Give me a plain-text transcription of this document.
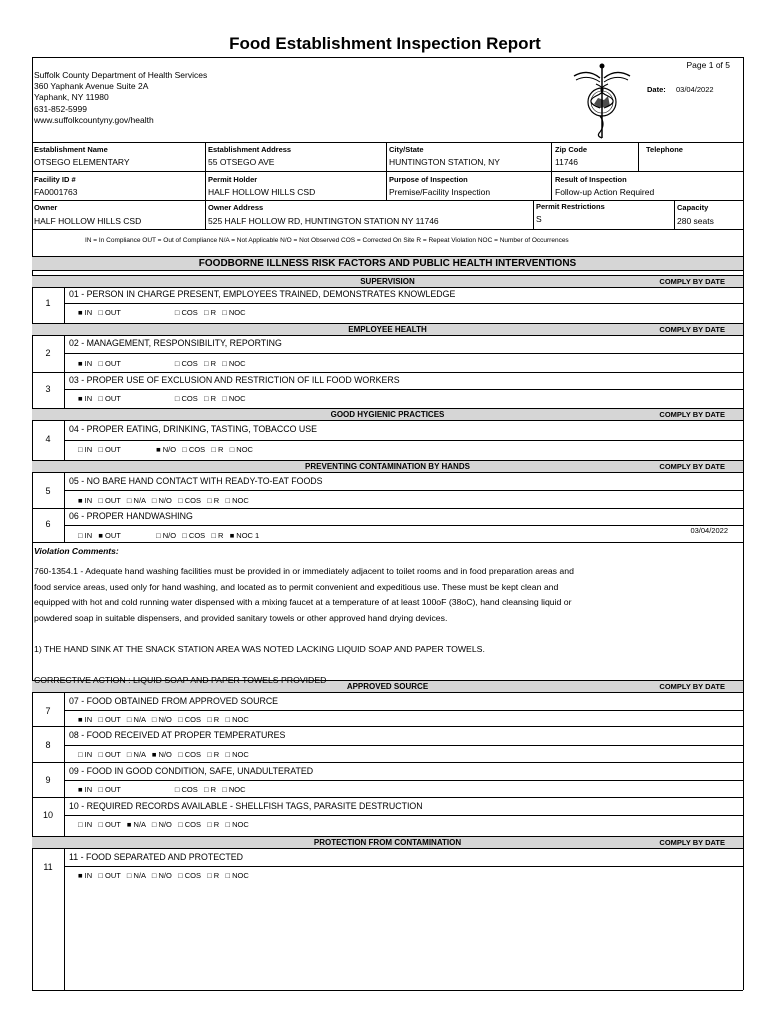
Food Establishment Inspection Report
Suffolk County Department of Health Services
360 Yaphank Avenue Suite 2A
Yaphank, NY 11980
631-852-5999
www.suffolkcountyny.gov/health
Page 1 of 5
Date: 03/04/2022
Establishment Name
OTSEGO ELEMENTARY
Establishment Address
55 OTSEGO AVE
City/State
HUNTINGTON STATION, NY
Zip Code
11746
Telephone
Facility ID #
FA0001763
Permit Holder
HALF HOLLOW HILLS CSD
Purpose of Inspection
Premise/Facility Inspection
Result of Inspection
Follow-up Action Required
Owner
HALF HOLLOW HILLS CSD
Owner Address
525 HALF HOLLOW RD, HUNTINGTON STATION NY 11746
Permit Restrictions
S
Capacity
280 seats
IN = In Compliance OUT = Out of Compliance N/A = Not Applicable N/O = Not Observed COS = Corrected On Site R = Repeat Violation NOC = Number of Occurrences
FOODBORNE ILLNESS RISK FACTORS AND PUBLIC HEALTH INTERVENTIONS
SUPERVISION	COMPLY BY DATE
EMPLOYEE HEALTH	COMPLY BY DATE
GOOD HYGIENIC PRACTICES	COMPLY BY DATE
PREVENTING CONTAMINATION BY HANDS	COMPLY BY DATE
APPROVED SOURCE	COMPLY BY DATE
PROTECTION FROM CONTAMINATION	COMPLY BY DATE
1
01 - PERSON IN CHARGE PRESENT, EMPLOYEES TRAINED, DEMONSTRATES KNOWLEDGE
■ IN   □ OUT                          □ COS   □ R   □ NOC
2
02 - MANAGEMENT, RESPONSIBILITY, REPORTING
■ IN   □ OUT                          □ COS   □ R   □ NOC
3
03 - PROPER USE OF EXCLUSION AND RESTRICTION OF ILL FOOD WORKERS
■ IN   □ OUT                          □ COS   □ R   □ NOC
4
04 - PROPER EATING, DRINKING, TASTING, TOBACCO USE
□ IN   □ OUT                 ■ N/O   □ COS   □ R   □ NOC
5
05 - NO BARE HAND CONTACT WITH READY-TO-EAT FOODS
■ IN   □ OUT   □ N/A   □ N/O   □ COS   □ R   □ NOC
6
06 - PROPER HANDWASHING
□ IN   ■ OUT                 □ N/O   □ COS   □ R   ■ NOC 1
03/04/2022
Violation Comments:
760-1354.1 - Adequate hand washing facilities must be provided in or immediately adjacent to toilet rooms and in food preparation areas and
food service areas, used only for hand washing, and located as to permit convenient and expeditious use. These must be kept clean and
equipped with hot and cold running water dispensed with a mixing faucet at a temperature of at least 100oF (38oC), hand cleansing liquid or
powdered soap in suitable dispensers, and provided sanitary towels or other approved hand drying devices.

1) THE HAND SINK AT THE SNACK STATION AREA WAS NOTED LACKING LIQUID SOAP AND PAPER TOWELS.

CORRECTIVE ACTION : LIQUID SOAP AND PAPER TOWELS PROVIDED
7
07 - FOOD OBTAINED FROM APPROVED SOURCE
■ IN   □ OUT   □ N/A   □ N/O   □ COS   □ R   □ NOC
8
08 - FOOD RECEIVED AT PROPER TEMPERATURES
□ IN   □ OUT   □ N/A   ■ N/O   □ COS   □ R   □ NOC
9
09 - FOOD IN GOOD CONDITION, SAFE, UNADULTERATED
■ IN   □ OUT                          □ COS   □ R   □ NOC
10
10 - REQUIRED RECORDS AVAILABLE - SHELLFISH TAGS, PARASITE DESTRUCTION
□ IN   □ OUT   ■ N/A   □ N/O   □ COS   □ R   □ NOC
11
11 - FOOD SEPARATED AND PROTECTED
■ IN   □ OUT   □ N/A   □ N/O   □ COS   □ R   □ NOC
